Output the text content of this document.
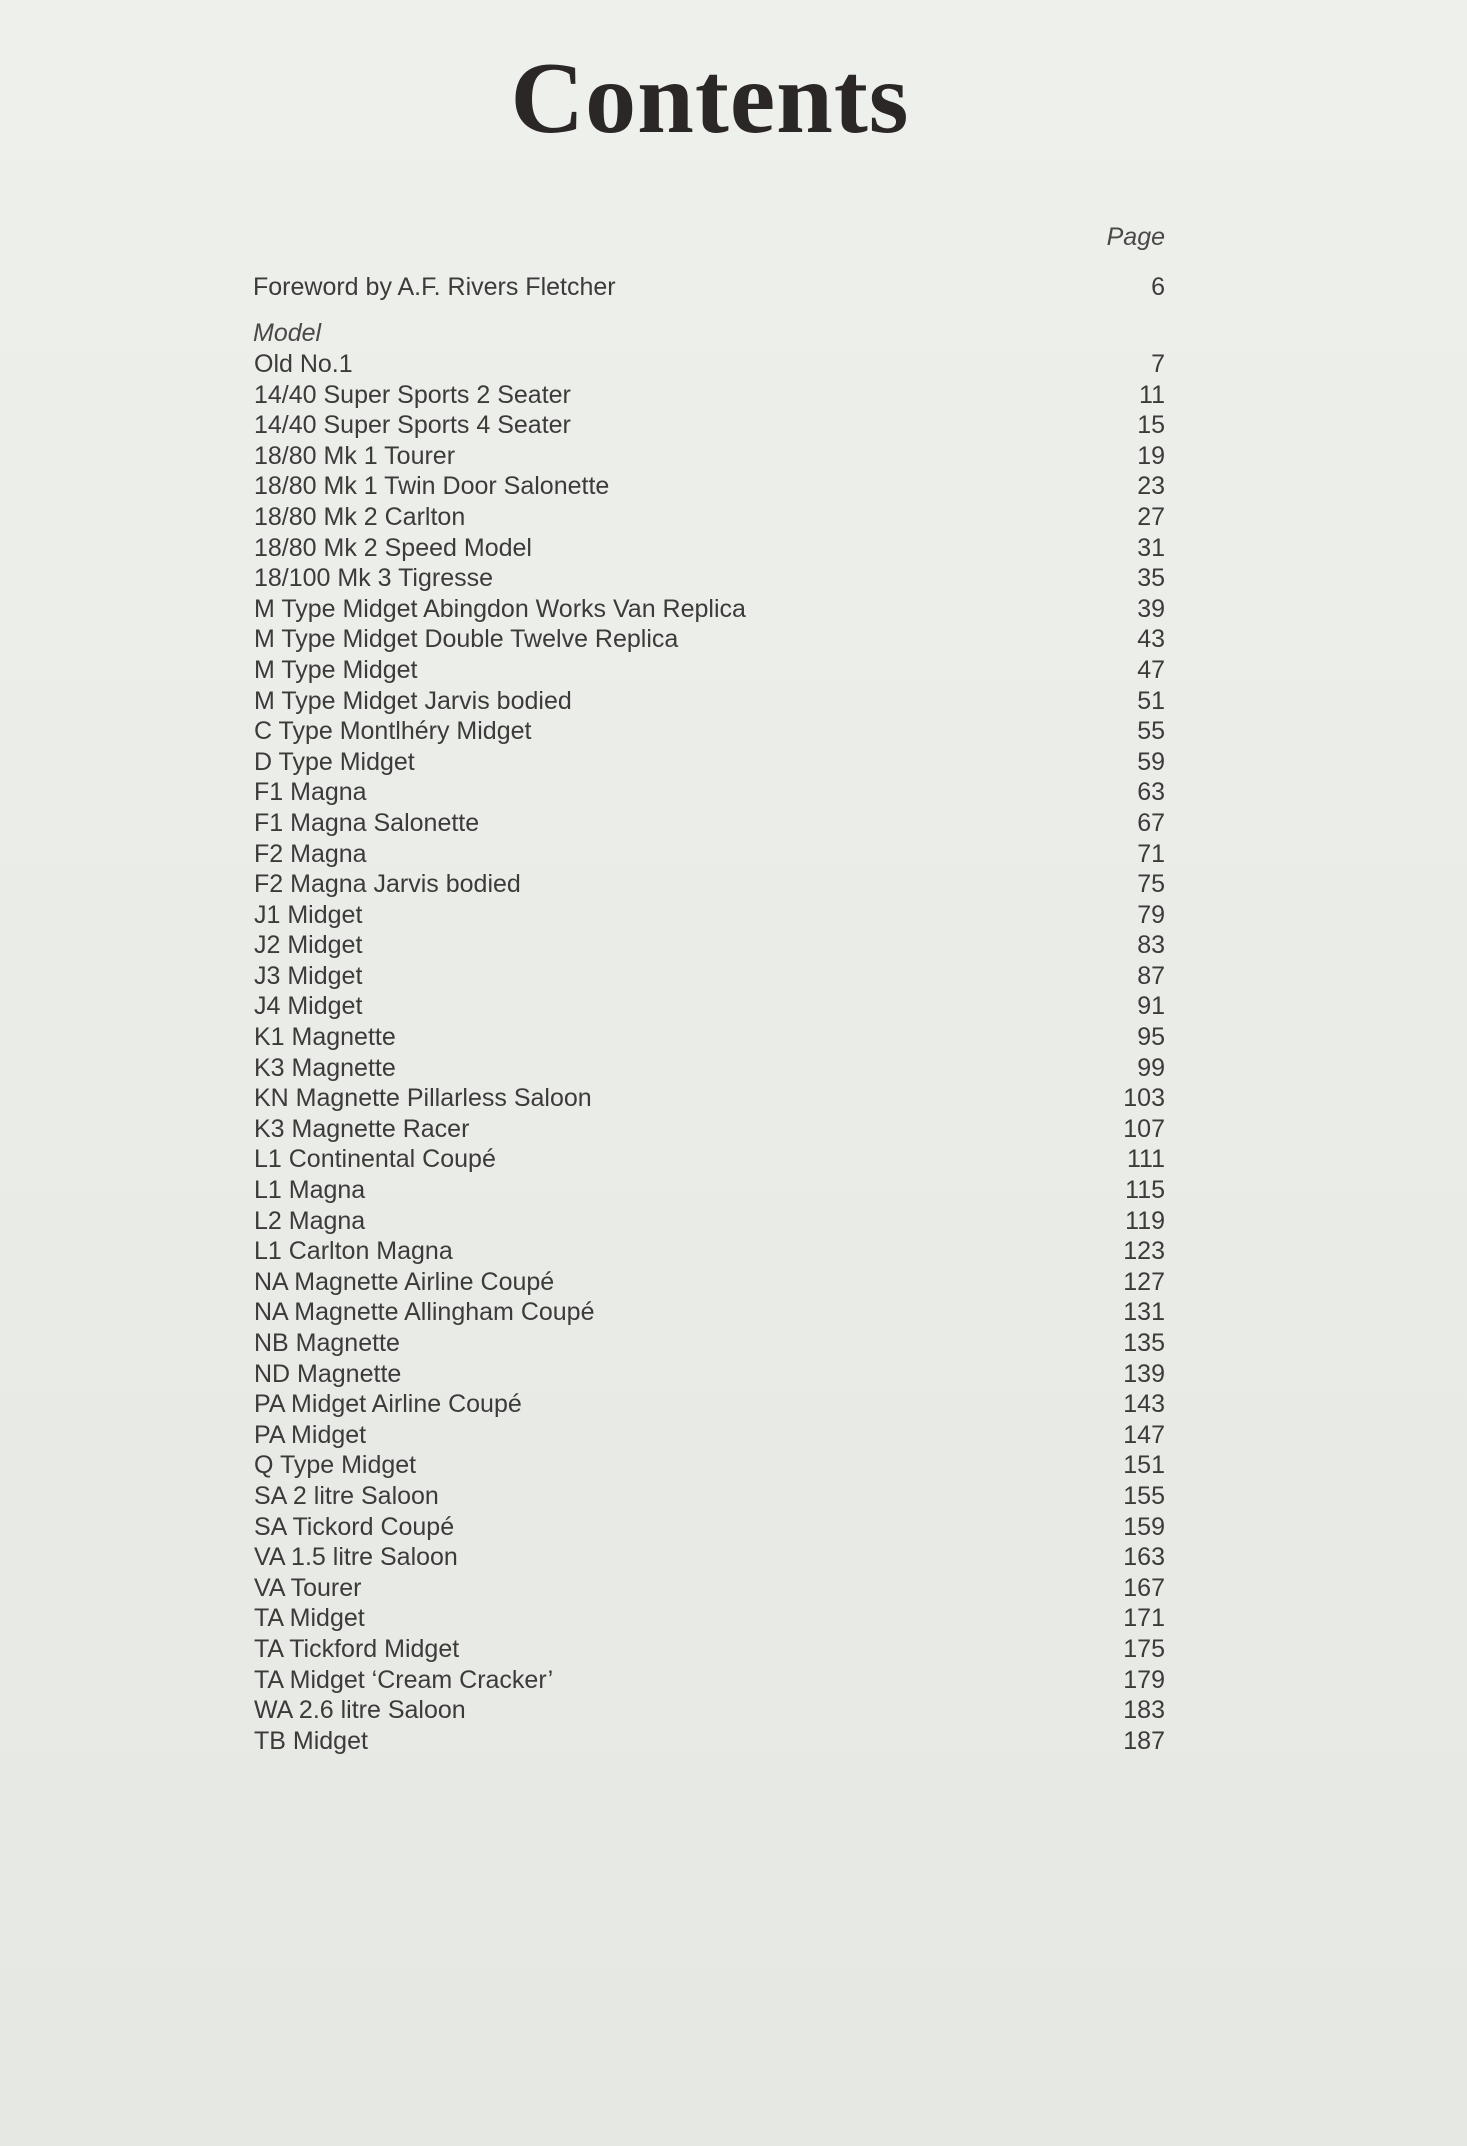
Contents
Page
Foreword by A.F. Rivers Fletcher	6
Model
Old No.1	7
14/40 Super Sports 2 Seater	11
14/40 Super Sports 4 Seater	15
18/80 Mk 1 Tourer	19
18/80 Mk 1 Twin Door Salonette	23
18/80 Mk 2 Carlton	27
18/80 Mk 2 Speed Model	31
18/100 Mk 3 Tigresse	35
M Type Midget Abingdon Works Van Replica	39
M Type Midget Double Twelve Replica	43
M Type Midget	47
M Type Midget Jarvis bodied	51
C Type Montlhéry Midget	55
D Type Midget	59
F1 Magna	63
F1 Magna Salonette	67
F2 Magna	71
F2 Magna Jarvis bodied	75
J1 Midget	79
J2 Midget	83
J3 Midget	87
J4 Midget	91
K1 Magnette	95
K3 Magnette	99
KN Magnette Pillarless Saloon	103
K3 Magnette Racer	107
L1 Continental Coupé	111
L1 Magna	115
L2 Magna	119
L1 Carlton Magna	123
NA Magnette Airline Coupé	127
NA Magnette Allingham Coupé	131
NB Magnette	135
ND Magnette	139
PA Midget Airline Coupé	143
PA Midget	147
Q Type Midget	151
SA 2 litre Saloon	155
SA Tickord Coupé	159
VA 1.5 litre Saloon	163
VA Tourer	167
TA Midget	171
TA Tickford Midget	175
TA Midget ‘Cream Cracker’	179
WA 2.6 litre Saloon	183
TB Midget	187
